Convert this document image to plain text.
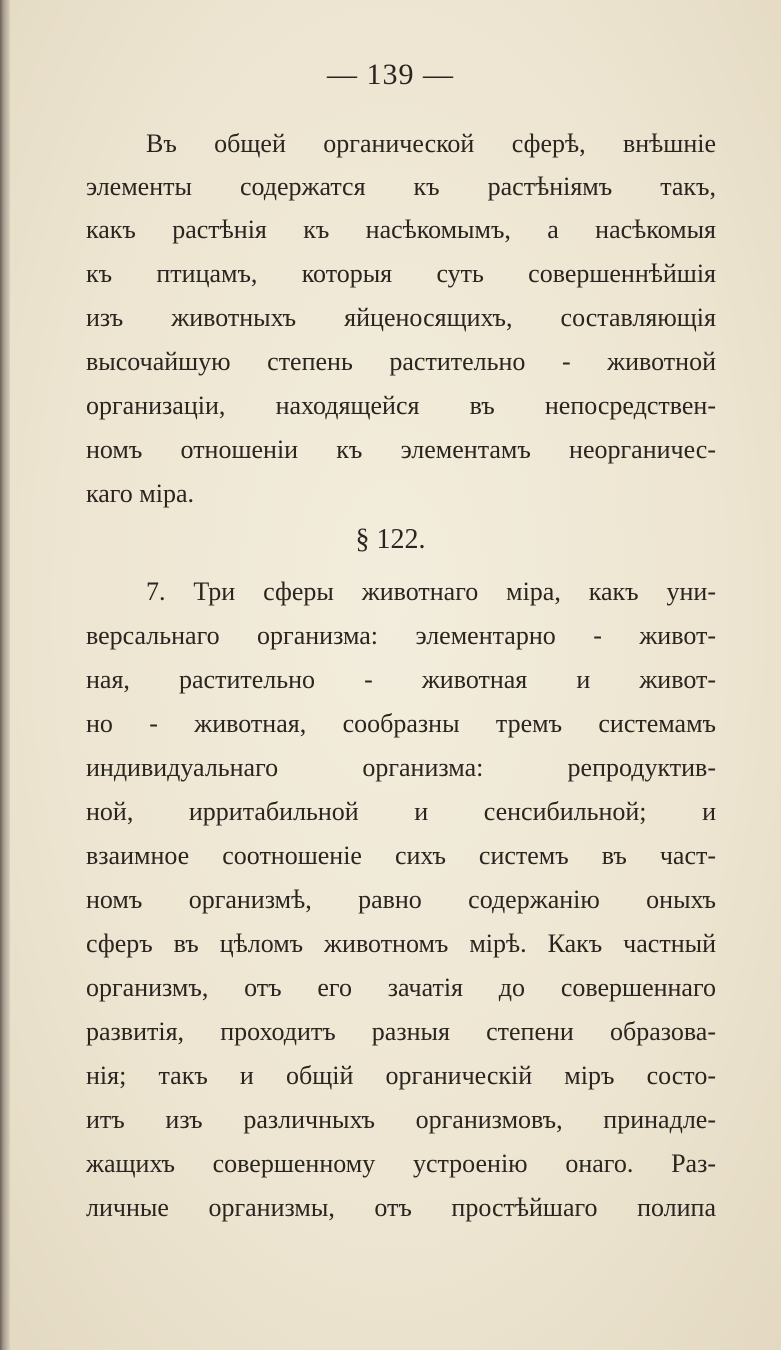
— 139 —
Въ общей органической сферѣ, внѣшніе
элементы содержатся къ растѣніямъ такъ,
какъ растѣнія къ насѣкомымъ, а насѣкомыя
къ птицамъ, которыя суть совершеннѣйшія
изъ животныхъ яйценосящихъ, составляющія
высочайшую степень растительно - животной
организаціи, находящейся въ непосредствен-
номъ отношеніи къ элементамъ неорганичес-
каго міра.
§ 122.
7. Три сферы животнаго міра, какъ уни-
версальнаго организма: элементарно - живот-
ная, растительно - животная и живот-
но - животная, сообразны тремъ системамъ
индивидуальнаго организма: репродуктив-
ной, ирритабильной и сенсибильной; и
взаимное соотношеніе сихъ системъ въ част-
номъ организмѣ, равно содержанію оныхъ
сферъ въ цѣломъ животномъ мірѣ. Какъ частный
организмъ, отъ его зачатія до совершеннаго
развитія, проходитъ разныя степени образова-
нія; такъ и общій органическій міръ состо-
итъ изъ различныхъ организмовъ, принадле-
жащихъ совершенному устроенію онаго. Раз-
личные организмы, отъ простѣйшаго полипа
